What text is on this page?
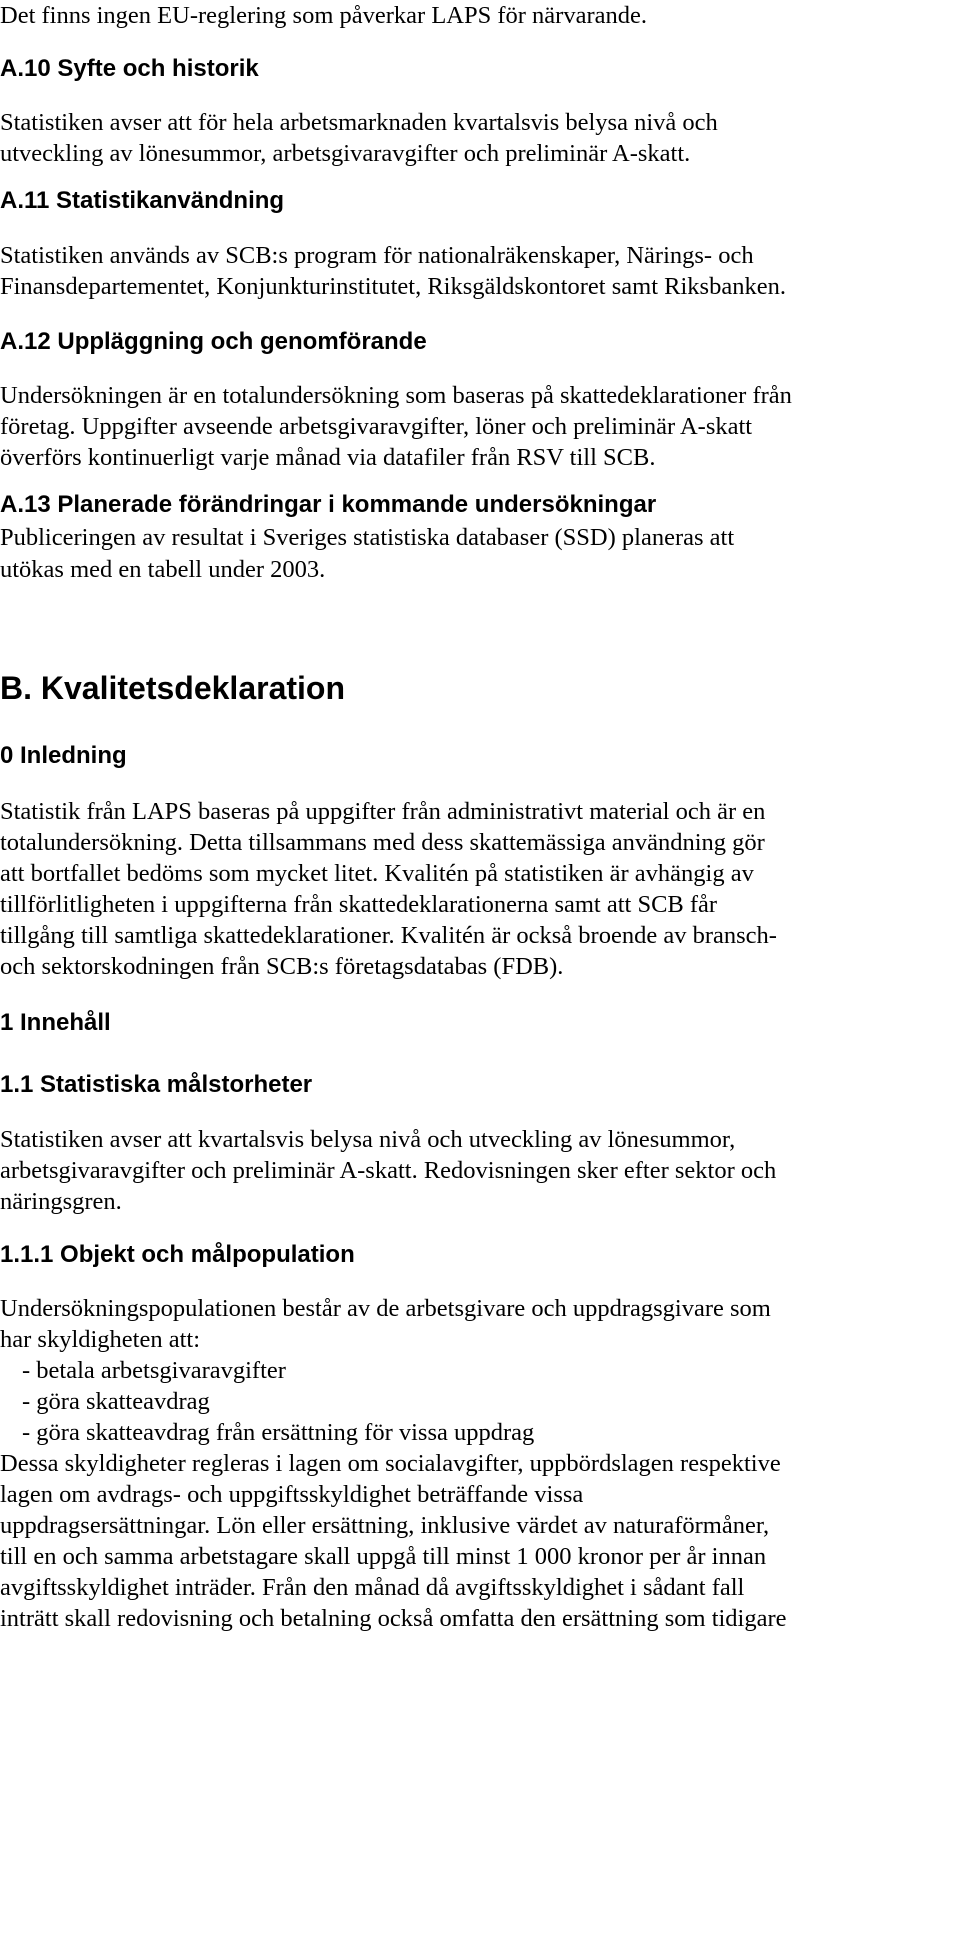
Det finns ingen EU-reglering som påverkar LAPS för närvarande.

A.10 Syfte och historik

Statistiken avser att för hela arbetsmarknaden kvartalsvis belysa nivå och

utveckling av lönesummor, arbetsgivaravgifter och preliminär A-skatt.

A.11 Statistikanvändning

Statistiken används av SCB:s program för nationalräkenskaper, Närings- och

Finansdepartementet, Konjunkturinstitutet, Riksgäldskontoret samt Riksbanken.

A.12 Uppläggning och genomförande

Undersökningen är en totalundersökning som baseras på skattedeklarationer från

företag. Uppgifter avseende arbetsgivaravgifter, löner och preliminär A-skatt

överförs kontinuerligt varje månad via datafiler från RSV till SCB.

A.13 Planerade förändringar i kommande undersökningar

Publiceringen av resultat i Sveriges statistiska databaser (SSD) planeras att

utökas med en tabell under 2003.

B. Kvalitetsdeklaration
0 Inledning

Statistik från LAPS baseras på uppgifter från administrativt material och är en

totalundersökning. Detta tillsammans med dess skattemässiga användning gör

att bortfallet bedöms som mycket litet. Kvalitén på statistiken är avhängig av

tillförlitligheten i uppgifterna från skattedeklarationerna samt att SCB får

tillgång till samtliga skattedeklarationer. Kvalitén är också broende av bransch-

och sektorskodningen från SCB:s företagsdatabas (FDB).

1 Innehåll
1.1 Statistiska målstorheter

Statistiken avser att kvartalsvis belysa nivå och utveckling av lönesummor,

arbetsgivaravgifter och preliminär A-skatt. Redovisningen sker efter sektor och

näringsgren.

1.1.1 Objekt och målpopulation

Undersökningspopulationen består av de arbetsgivare och uppdragsgivare som

har skyldigheten att:

- betala arbetsgivaravgifter

- göra skatteavdrag

- göra skatteavdrag från ersättning för vissa uppdrag

Dessa skyldigheter regleras i lagen om socialavgifter, uppbördslagen respektive

lagen om avdrags- och uppgiftsskyldighet beträffande vissa

uppdragsersättningar. Lön eller ersättning, inklusive värdet av naturaförmåner,

till en och samma arbetstagare skall uppgå till minst 1 000 kronor per år innan

avgiftsskyldighet inträder. Från den månad då avgiftsskyldighet i sådant fall

inträtt skall redovisning och betalning också omfatta den ersättning som tidigare
